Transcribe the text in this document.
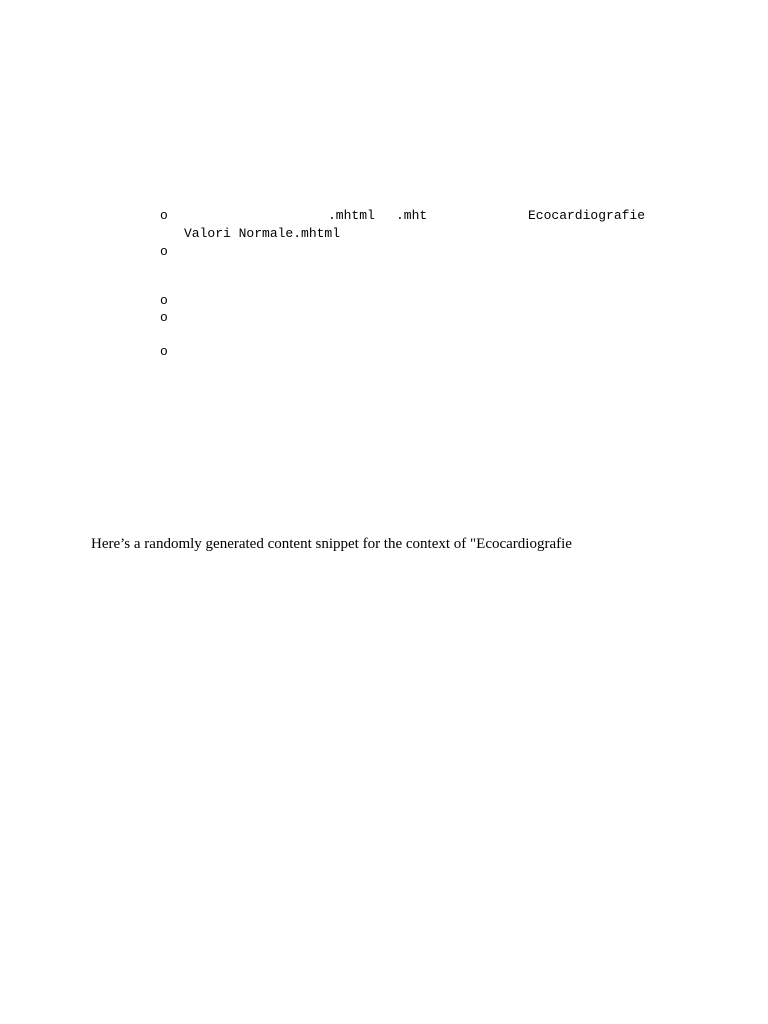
o	.mhtml .mht	Ecocardiografie
Valori Normale.mhtml
o
o
o
o

Here’s a randomly generated content snippet for the context of "Ecocardiografie
